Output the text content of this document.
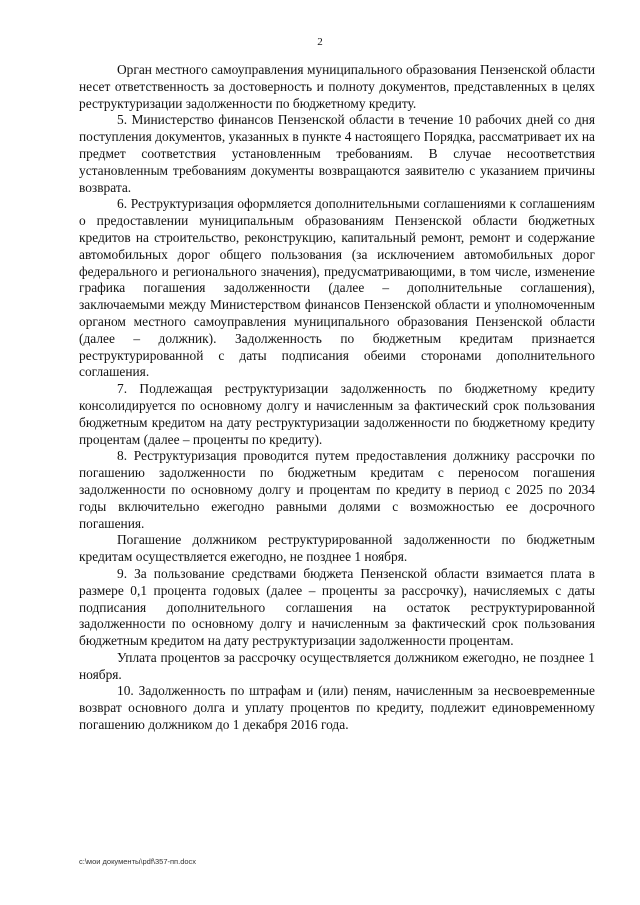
2

Орган местного самоуправления муниципального образования Пензенской области несет ответственность за достоверность и полноту документов, представленных в целях реструктуризации задолженности по бюджетному кредиту.

5. Министерство финансов Пензенской области в течение 10 рабочих дней со дня поступления документов, указанных в пункте 4 настоящего Порядка, рассматривает их на предмет соответствия установленным требованиям. В случае несоответствия установленным требованиям документы возвращаются заявителю с указанием причины возврата.

6. Реструктуризация оформляется дополнительными соглашениями к соглашениям о предоставлении муниципальным образованиям Пензенской области бюджетных кредитов на строительство, реконструкцию, капитальный ремонт, ремонт и содержание автомобильных дорог общего пользования (за исключением автомобильных дорог федерального и регионального значения), предусматривающими, в том числе, изменение графика погашения задолженности (далее – дополнительные соглашения), заключаемыми между Министерством финансов Пензенской области и уполномоченным органом местного самоуправления муниципального образования Пензенской области (далее – должник). Задолженность по бюджетным кредитам признается реструктурированной с даты подписания обеими сторонами дополнительного соглашения.

7. Подлежащая реструктуризации задолженность по бюджетному кредиту консолидируется по основному долгу и начисленным за фактический срок пользования бюджетным кредитом на дату реструктуризации задолженности по бюджетному кредиту процентам (далее – проценты по кредиту).

8. Реструктуризация проводится путем предоставления должнику рассрочки по погашению задолженности по бюджетным кредитам с переносом погашения задолженности по основному долгу и процентам по кредиту в период с 2025 по 2034 годы включительно ежегодно равными долями с возможностью ее досрочного погашения.

Погашение должником реструктурированной задолженности по бюджетным кредитам осуществляется ежегодно, не позднее 1 ноября.

9. За пользование средствами бюджета Пензенской области взимается плата в размере 0,1 процента годовых (далее – проценты за рассрочку), начисляемых с даты подписания дополнительного соглашения на остаток реструктурированной задолженности по основному долгу и начисленным за фактический срок пользования бюджетным кредитом на дату реструктуризации задолженности процентам.

Уплата процентов за рассрочку осуществляется должником ежегодно, не позднее 1 ноября.

10. Задолженность по штрафам и (или) пеням, начисленным за несвоевременные возврат основного долга и уплату процентов по кредиту, подлежит единовременному погашению должником до 1 декабря 2016 года.

c:\мои документы\pdf\357-пп.docx
